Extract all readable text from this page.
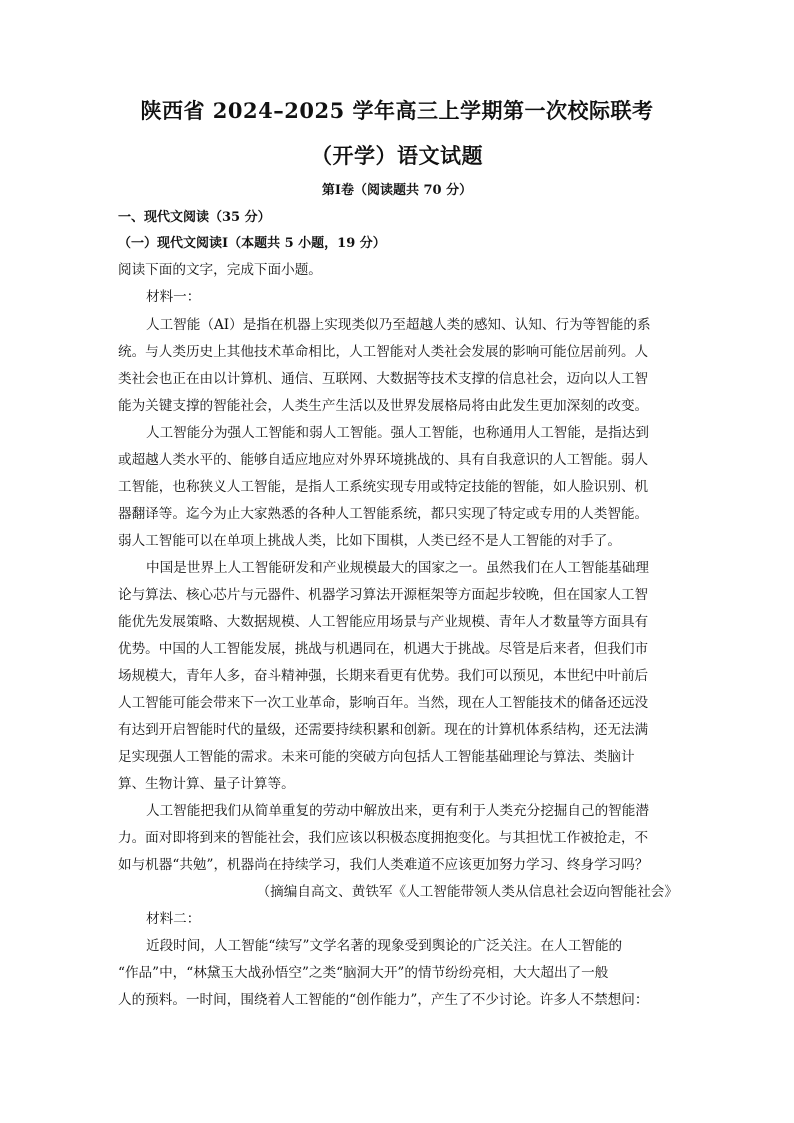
陕西省 2024–2025 学年高三上学期第一次校际联考
（开学）语文试题
第Ⅰ卷（阅读题共 70 分）
一、现代文阅读（35 分）
（一）现代文阅读Ⅰ（本题共 5 小题，19 分）
阅读下面的文字，完成下面小题。
材料一：
人工智能（AI）是指在机器上实现类似乃至超越人类的感知、认知、行为等智能的系
统。与人类历史上其他技术革命相比，人工智能对人类社会发展的影响可能位居前列。人
类社会也正在由以计算机、通信、互联网、大数据等技术支撑的信息社会，迈向以人工智
能为关键支撑的智能社会，人类生产生活以及世界发展格局将由此发生更加深刻的改变。
人工智能分为强人工智能和弱人工智能。强人工智能，也称通用人工智能，是指达到
或超越人类水平的、能够自适应地应对外界环境挑战的、具有自我意识的人工智能。弱人
工智能，也称狭义人工智能，是指人工系统实现专用或特定技能的智能，如人脸识别、机
器翻译等。迄今为止大家熟悉的各种人工智能系统，都只实现了特定或专用的人类智能。
弱人工智能可以在单项上挑战人类，比如下围棋，人类已经不是人工智能的对手了。
中国是世界上人工智能研发和产业规模最大的国家之一。虽然我们在人工智能基础理
论与算法、核心芯片与元器件、机器学习算法开源框架等方面起步较晚，但在国家人工智
能优先发展策略、大数据规模、人工智能应用场景与产业规模、青年人才数量等方面具有
优势。中国的人工智能发展，挑战与机遇同在，机遇大于挑战。尽管是后来者，但我们市
场规模大，青年人多，奋斗精神强，长期来看更有优势。我们可以预见，本世纪中叶前后
人工智能可能会带来下一次工业革命，影响百年。当然，现在人工智能技术的储备还远没
有达到开启智能时代的量级，还需要持续积累和创新。现在的计算机体系结构，还无法满
足实现强人工智能的需求。未来可能的突破方向包括人工智能基础理论与算法、类脑计
算、生物计算、量子计算等。
人工智能把我们从简单重复的劳动中解放出来，更有利于人类充分挖掘自己的智能潜
力。面对即将到来的智能社会，我们应该以积极态度拥抱变化。与其担忧工作被抢走，不
如与机器“共勉”，机器尚在持续学习，我们人类难道不应该更加努力学习、终身学习吗？
（摘编自高文、黄铁军《人工智能带领人类从信息社会迈向智能社会》
材料二：
近段时间，人工智能“续写”文学名著的现象受到舆论的广泛关注。在人工智能的
“作品”中，“林黛玉大战孙悟空”之类“脑洞大开”的情节纷纷亮相，大大超出了一般
人的预料。一时间，围绕着人工智能的“创作能力”，产生了不少讨论。许多人不禁想问：
